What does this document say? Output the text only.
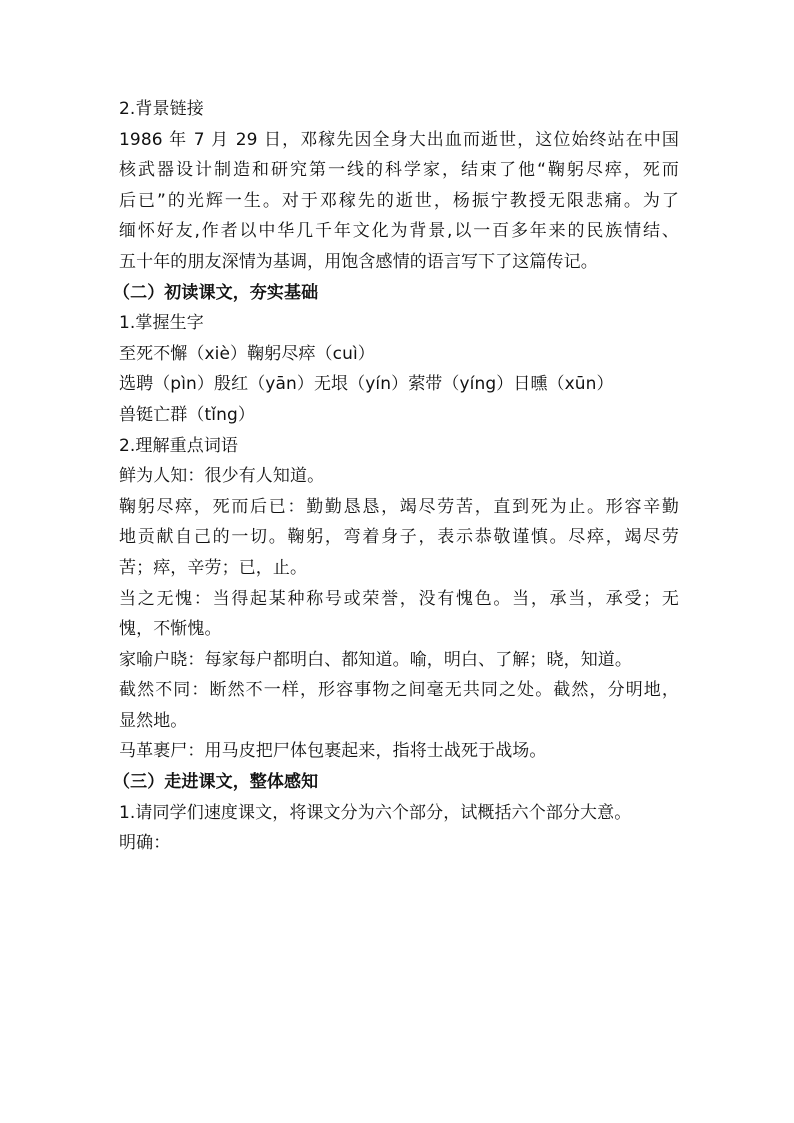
2.背景链接
1986 年 7 月 29 日，邓稼先因全身大出血而逝世，这位始终站在中国
核武器设计制造和研究第一线的科学家，结束了他“鞠躬尽瘁，死而
后已”的光辉一生。对于邓稼先的逝世，杨振宁教授无限悲痛。为了
缅怀好友,作者以中华几千年文化为背景,以一百多年来的民族情结、
五十年的朋友深情为基调，用饱含感情的语言写下了这篇传记。
（二）初读课文，夯实基础
1.掌握生字
至死不懈（xiè）鞠躬尽瘁（cuì）
选聘（pìn）殷红（yān）无垠（yín）萦带（yíng）日曛（xūn）
兽铤亡群（tǐng）
2.理解重点词语
鲜为人知：很少有人知道。
鞠躬尽瘁，死而后已：勤勤恳恳，竭尽劳苦，直到死为止。形容辛勤
地贡献自己的一切。鞠躬，弯着身子，表示恭敬谨慎。尽瘁，竭尽劳
苦；瘁，辛劳；已，止。
当之无愧：当得起某种称号或荣誉，没有愧色。当，承当，承受；无
愧，不惭愧。
家喻户晓：每家每户都明白、都知道。喻，明白、了解；晓，知道。
截然不同：断然不一样，形容事物之间毫无共同之处。截然，分明地，
显然地。
马革裹尸：用马皮把尸体包裹起来，指将士战死于战场。
（三）走进课文，整体感知
1.请同学们速度课文，将课文分为六个部分，试概括六个部分大意。
明确：
